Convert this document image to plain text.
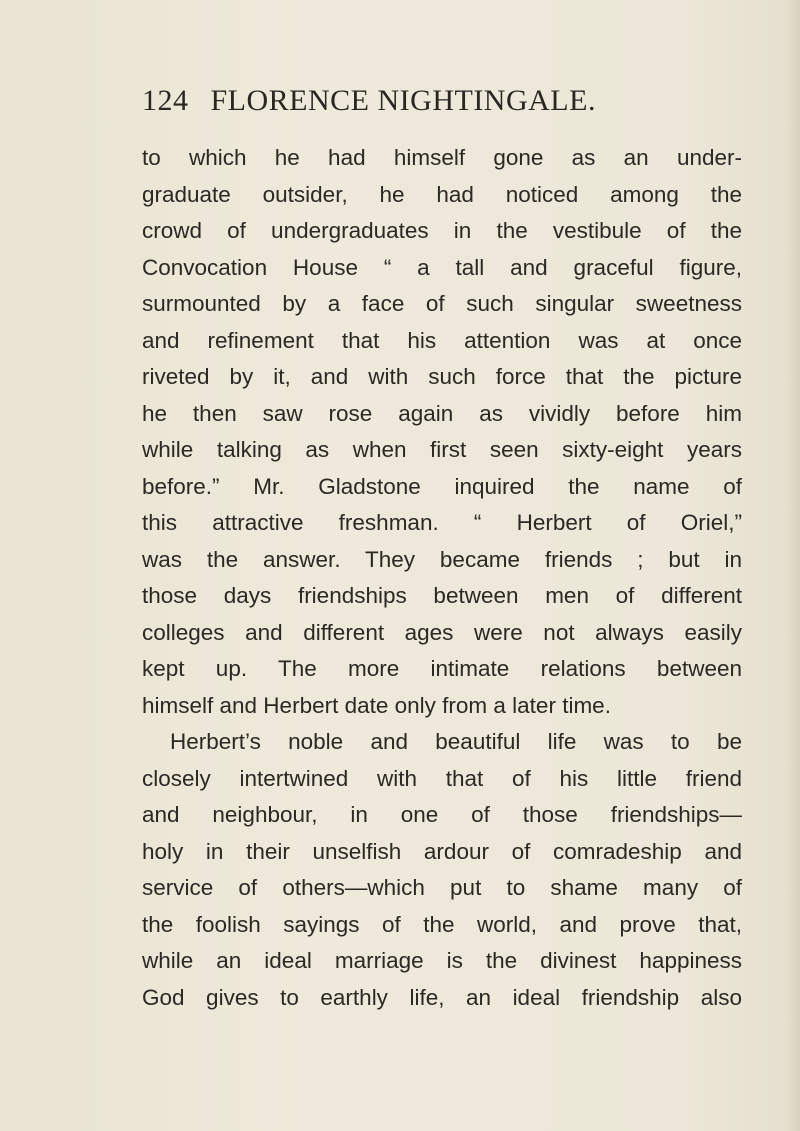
124 FLORENCE NIGHTINGALE.
to which he had himself gone as an under-
graduate outsider, he had noticed among the
crowd of undergraduates in the vestibule of the
Convocation House “ a tall and graceful figure,
surmounted by a face of such singular sweetness
and refinement that his attention was at once
riveted by it, and with such force that the picture
he then saw rose again as vividly before him
while talking as when first seen sixty-eight years
before.” Mr. Gladstone inquired the name of
this attractive freshman. “ Herbert of Oriel,”
was the answer. They became friends ; but in
those days friendships between men of different
colleges and different ages were not always easily
kept up. The more intimate relations between
himself and Herbert date only from a later time.
Herbert’s noble and beautiful life was to be
closely intertwined with that of his little friend
and neighbour, in one of those friendships—
holy in their unselfish ardour of comradeship and
service of others—which put to shame many of
the foolish sayings of the world, and prove that,
while an ideal marriage is the divinest happiness
God gives to earthly life, an ideal friendship also
